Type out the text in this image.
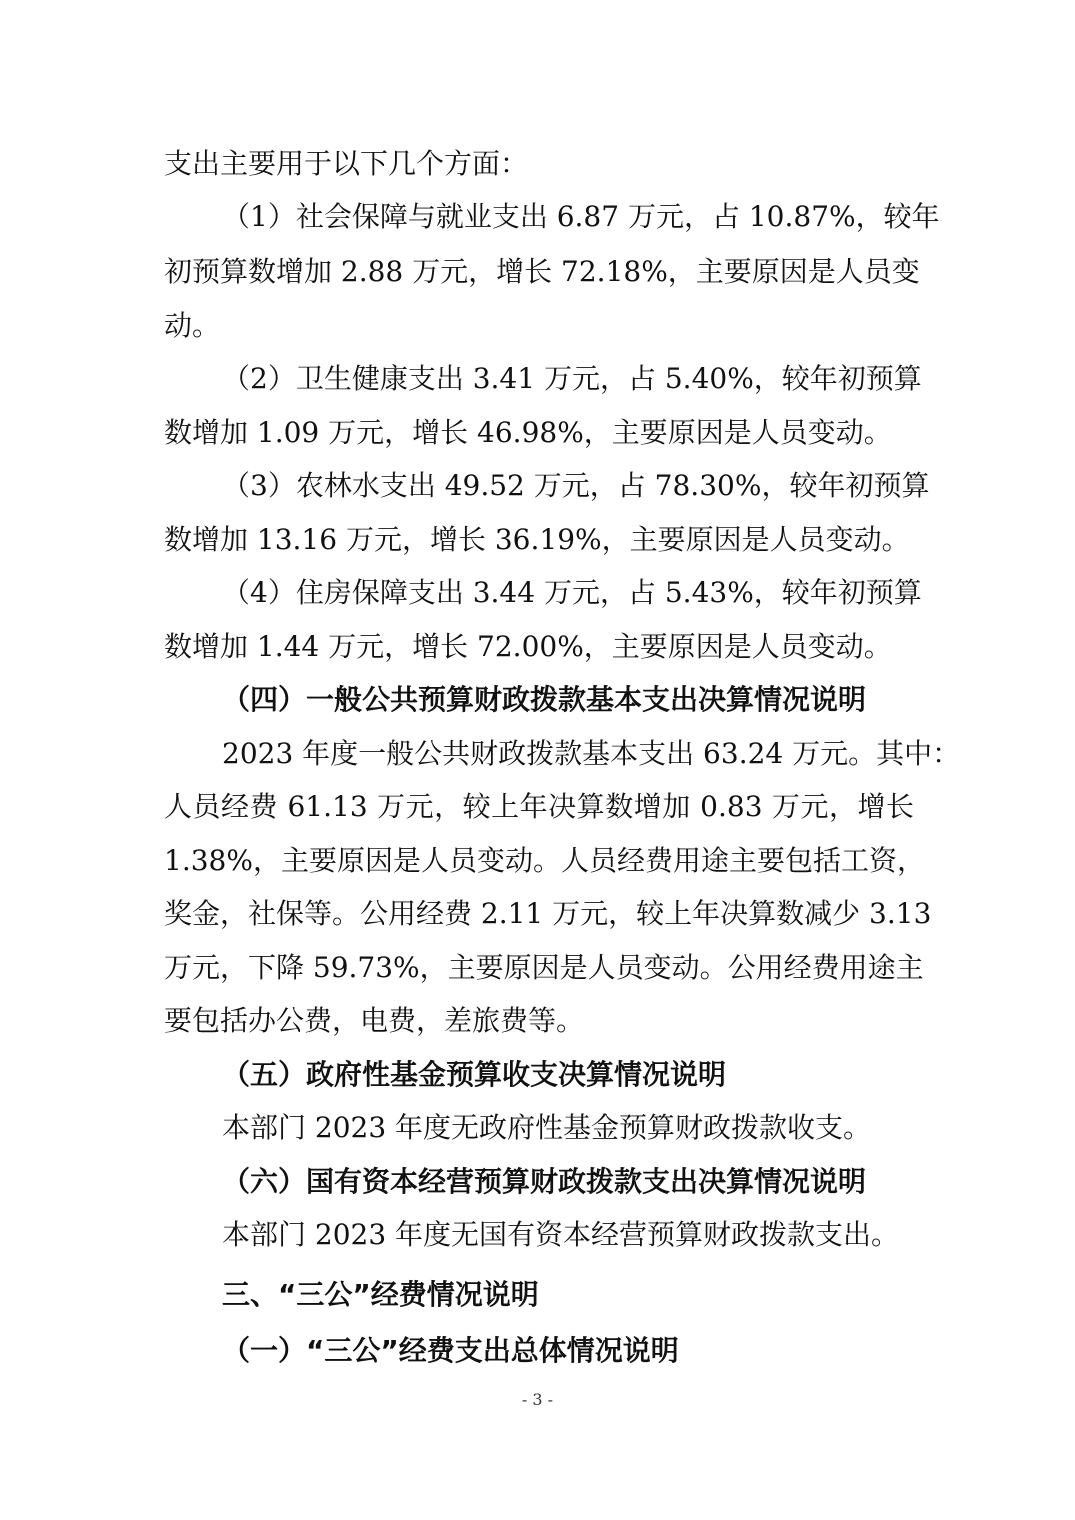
支出主要用于以下几个方面：
（1）社会保障与就业支出 6.87 万元，占 10.87%，较年
初预算数增加 2.88 万元，增长 72.18%，主要原因是人员变
动。
（2）卫生健康支出 3.41 万元，占 5.40%，较年初预算
数增加 1.09 万元，增长 46.98%，主要原因是人员变动。
（3）农林水支出 49.52 万元，占 78.30%，较年初预算
数增加 13.16 万元，增长 36.19%，主要原因是人员变动。
（4）住房保障支出 3.44 万元，占 5.43%，较年初预算
数增加 1.44 万元，增长 72.00%，主要原因是人员变动。
（四）一般公共预算财政拨款基本支出决算情况说明
2023 年度一般公共财政拨款基本支出 63.24 万元。其中：
人员经费 61.13 万元，较上年决算数增加 0.83 万元，增长
1.38%，主要原因是人员变动。人员经费用途主要包括工资，
奖金，社保等。公用经费 2.11 万元，较上年决算数减少 3.13
万元，下降 59.73%，主要原因是人员变动。公用经费用途主
要包括办公费，电费，差旅费等。
（五）政府性基金预算收支决算情况说明
本部门 2023 年度无政府性基金预算财政拨款收支。
（六）国有资本经营预算财政拨款支出决算情况说明
本部门 2023 年度无国有资本经营预算财政拨款支出。
三、“三公”经费情况说明
（一）“三公”经费支出总体情况说明
- 3 -
